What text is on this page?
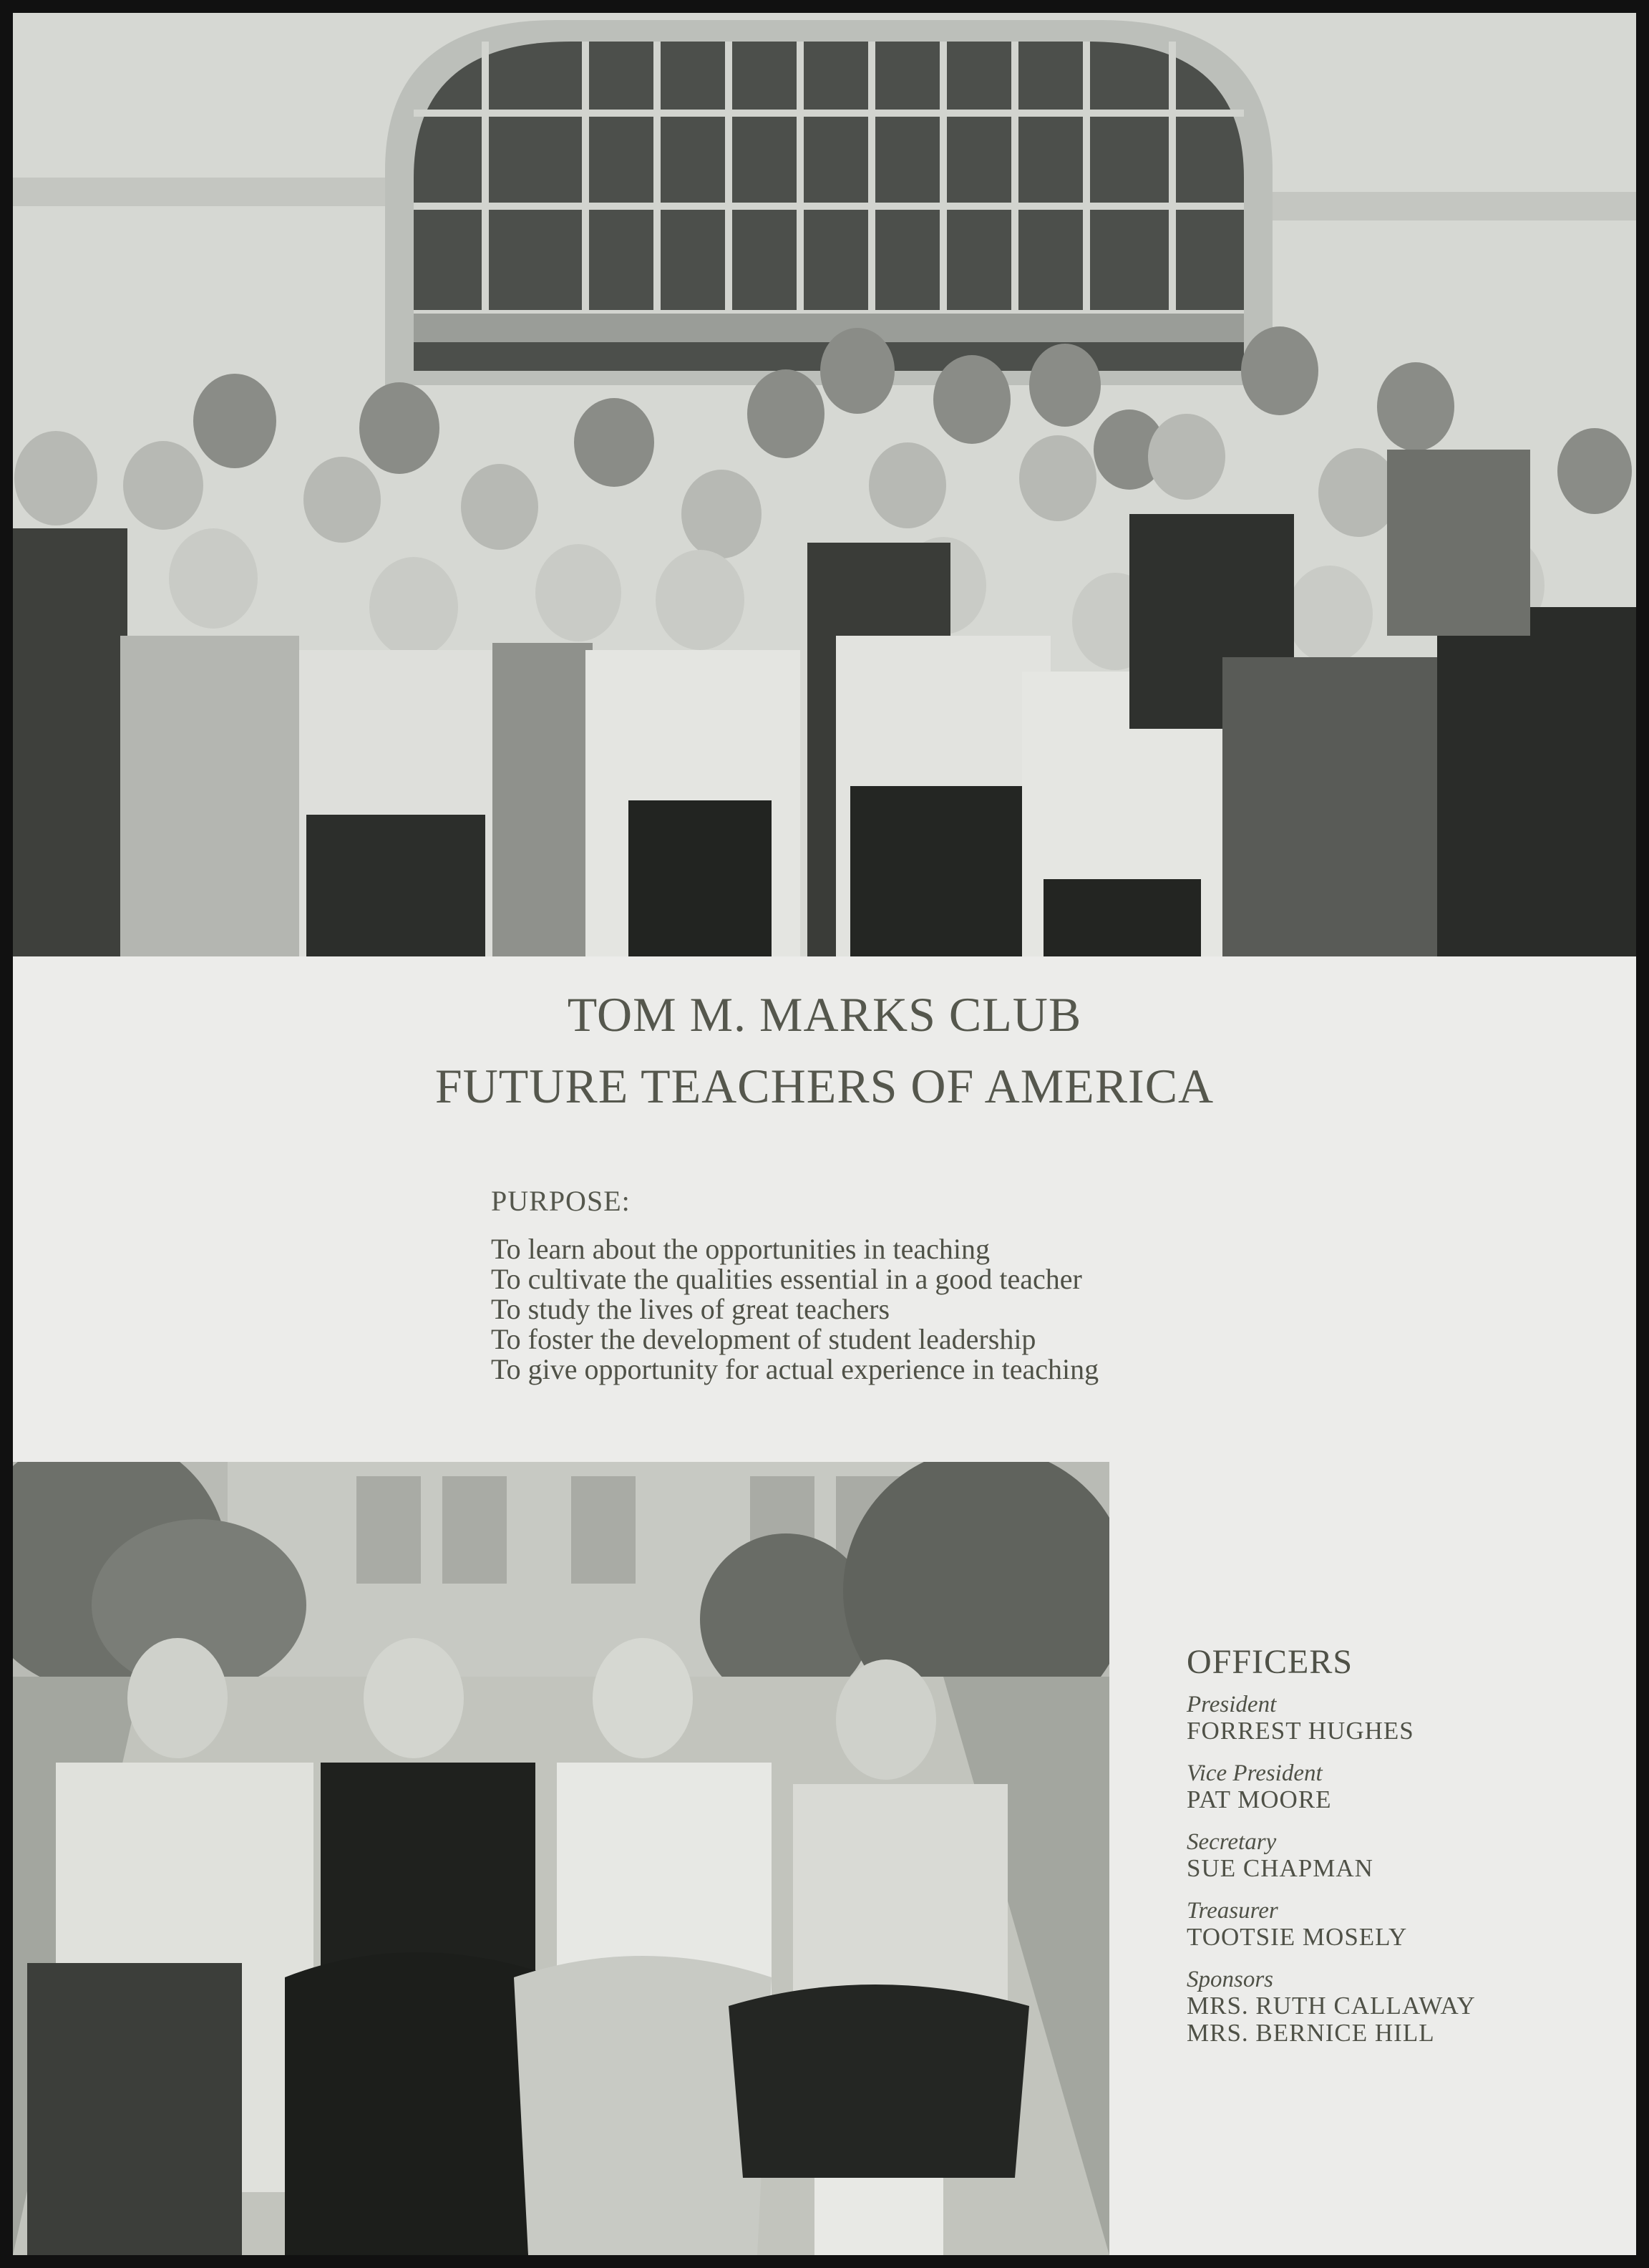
TOM M. MARKS CLUB
FUTURE TEACHERS OF AMERICA
PURPOSE:
To learn about the opportunities in teaching
To cultivate the qualities essential in a good teacher
To study the lives of great teachers
To foster the development of student leadership
To give opportunity for actual experience in teaching
OFFICERS
President
FORREST HUGHES
Vice President
PAT MOORE
Secretary
SUE CHAPMAN
Treasurer
TOOTSIE MOSELY
Sponsors
MRS. RUTH CALLAWAY
MRS. BERNICE HILL
